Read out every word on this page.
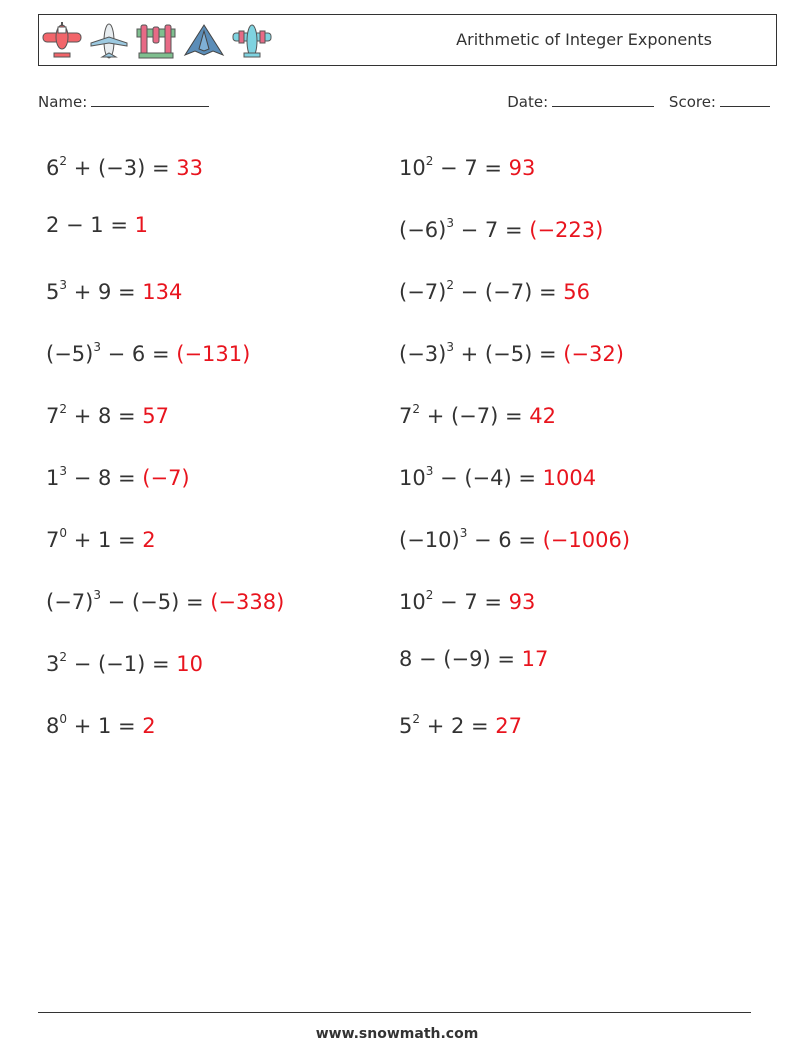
Arithmetic of Integer Exponents
Name:	Date:	Score:
$6^2 + (-3) = 33$	$10^2 - 7 = 93$
2 − 1 = 1	$(-6)^3 - 7 = (-223)$
$5^3 + 9 = 134$	$(-7)^2 - (-7) = 56$
$(-5)^3 - 6 = (-131)$	$(-3)^3 + (-5) = (-32)$
$7^2 + 8 = 57$	$7^2 + (-7) = 42$
$1^3 - 8 = (-7)$	$10^3 - (-4) = 1004$
$7^0 + 1 = 2$	$(-10)^3 - 6 = (-1006)$
$(-7)^3 - (-5) = (-338)$	$10^2 - 7 = 93$
$3^2 - (-1) = 10$	8 − (−9) = 17
$8^0 + 1 = 2$	$5^2 + 2 = 27$
www.snowmath.com
